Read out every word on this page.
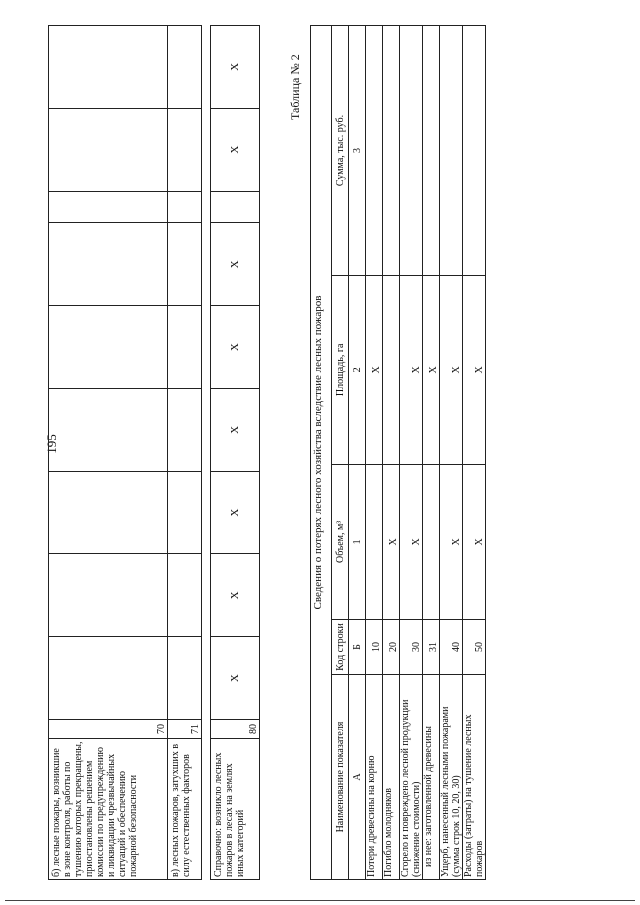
195
б) лесные пожары, возникшие в зоне контроля, работы по тушению которых прекращены, приостановлены решением комиссии по предупреждению и ликвидации чрезвычайных ситуаций и обеспечению пожарной безопасности	70									
в) лесных пожаров, затухших в силу естественных факторов	71									

Справочно: возникло лесных пожаров в лесах на землях иных категорий	80	X	X	X	X	X	X		X	X	Таблица № 2
Сведения о потерях лесного хозяйства вследствие лесных пожаров				
Наименование показателя	Код строки	Объем, м³	Площадь, га	Сумма, тыс. руб.
А	Б	1	2	3
Потери древесины на корню	10		X	
Погибло молодняков	20	X		
Сгорело и повреждено лесной продукции (снижение стоимости)	30	X	X	
из нее: заготовленной древесины	31		X	
Ущерб, нанесенный лесными пожарами (сумма строк 10, 20, 30)	40	X	X	
Расходы (затраты) на тушение лесных пожаров	50	X	X	
